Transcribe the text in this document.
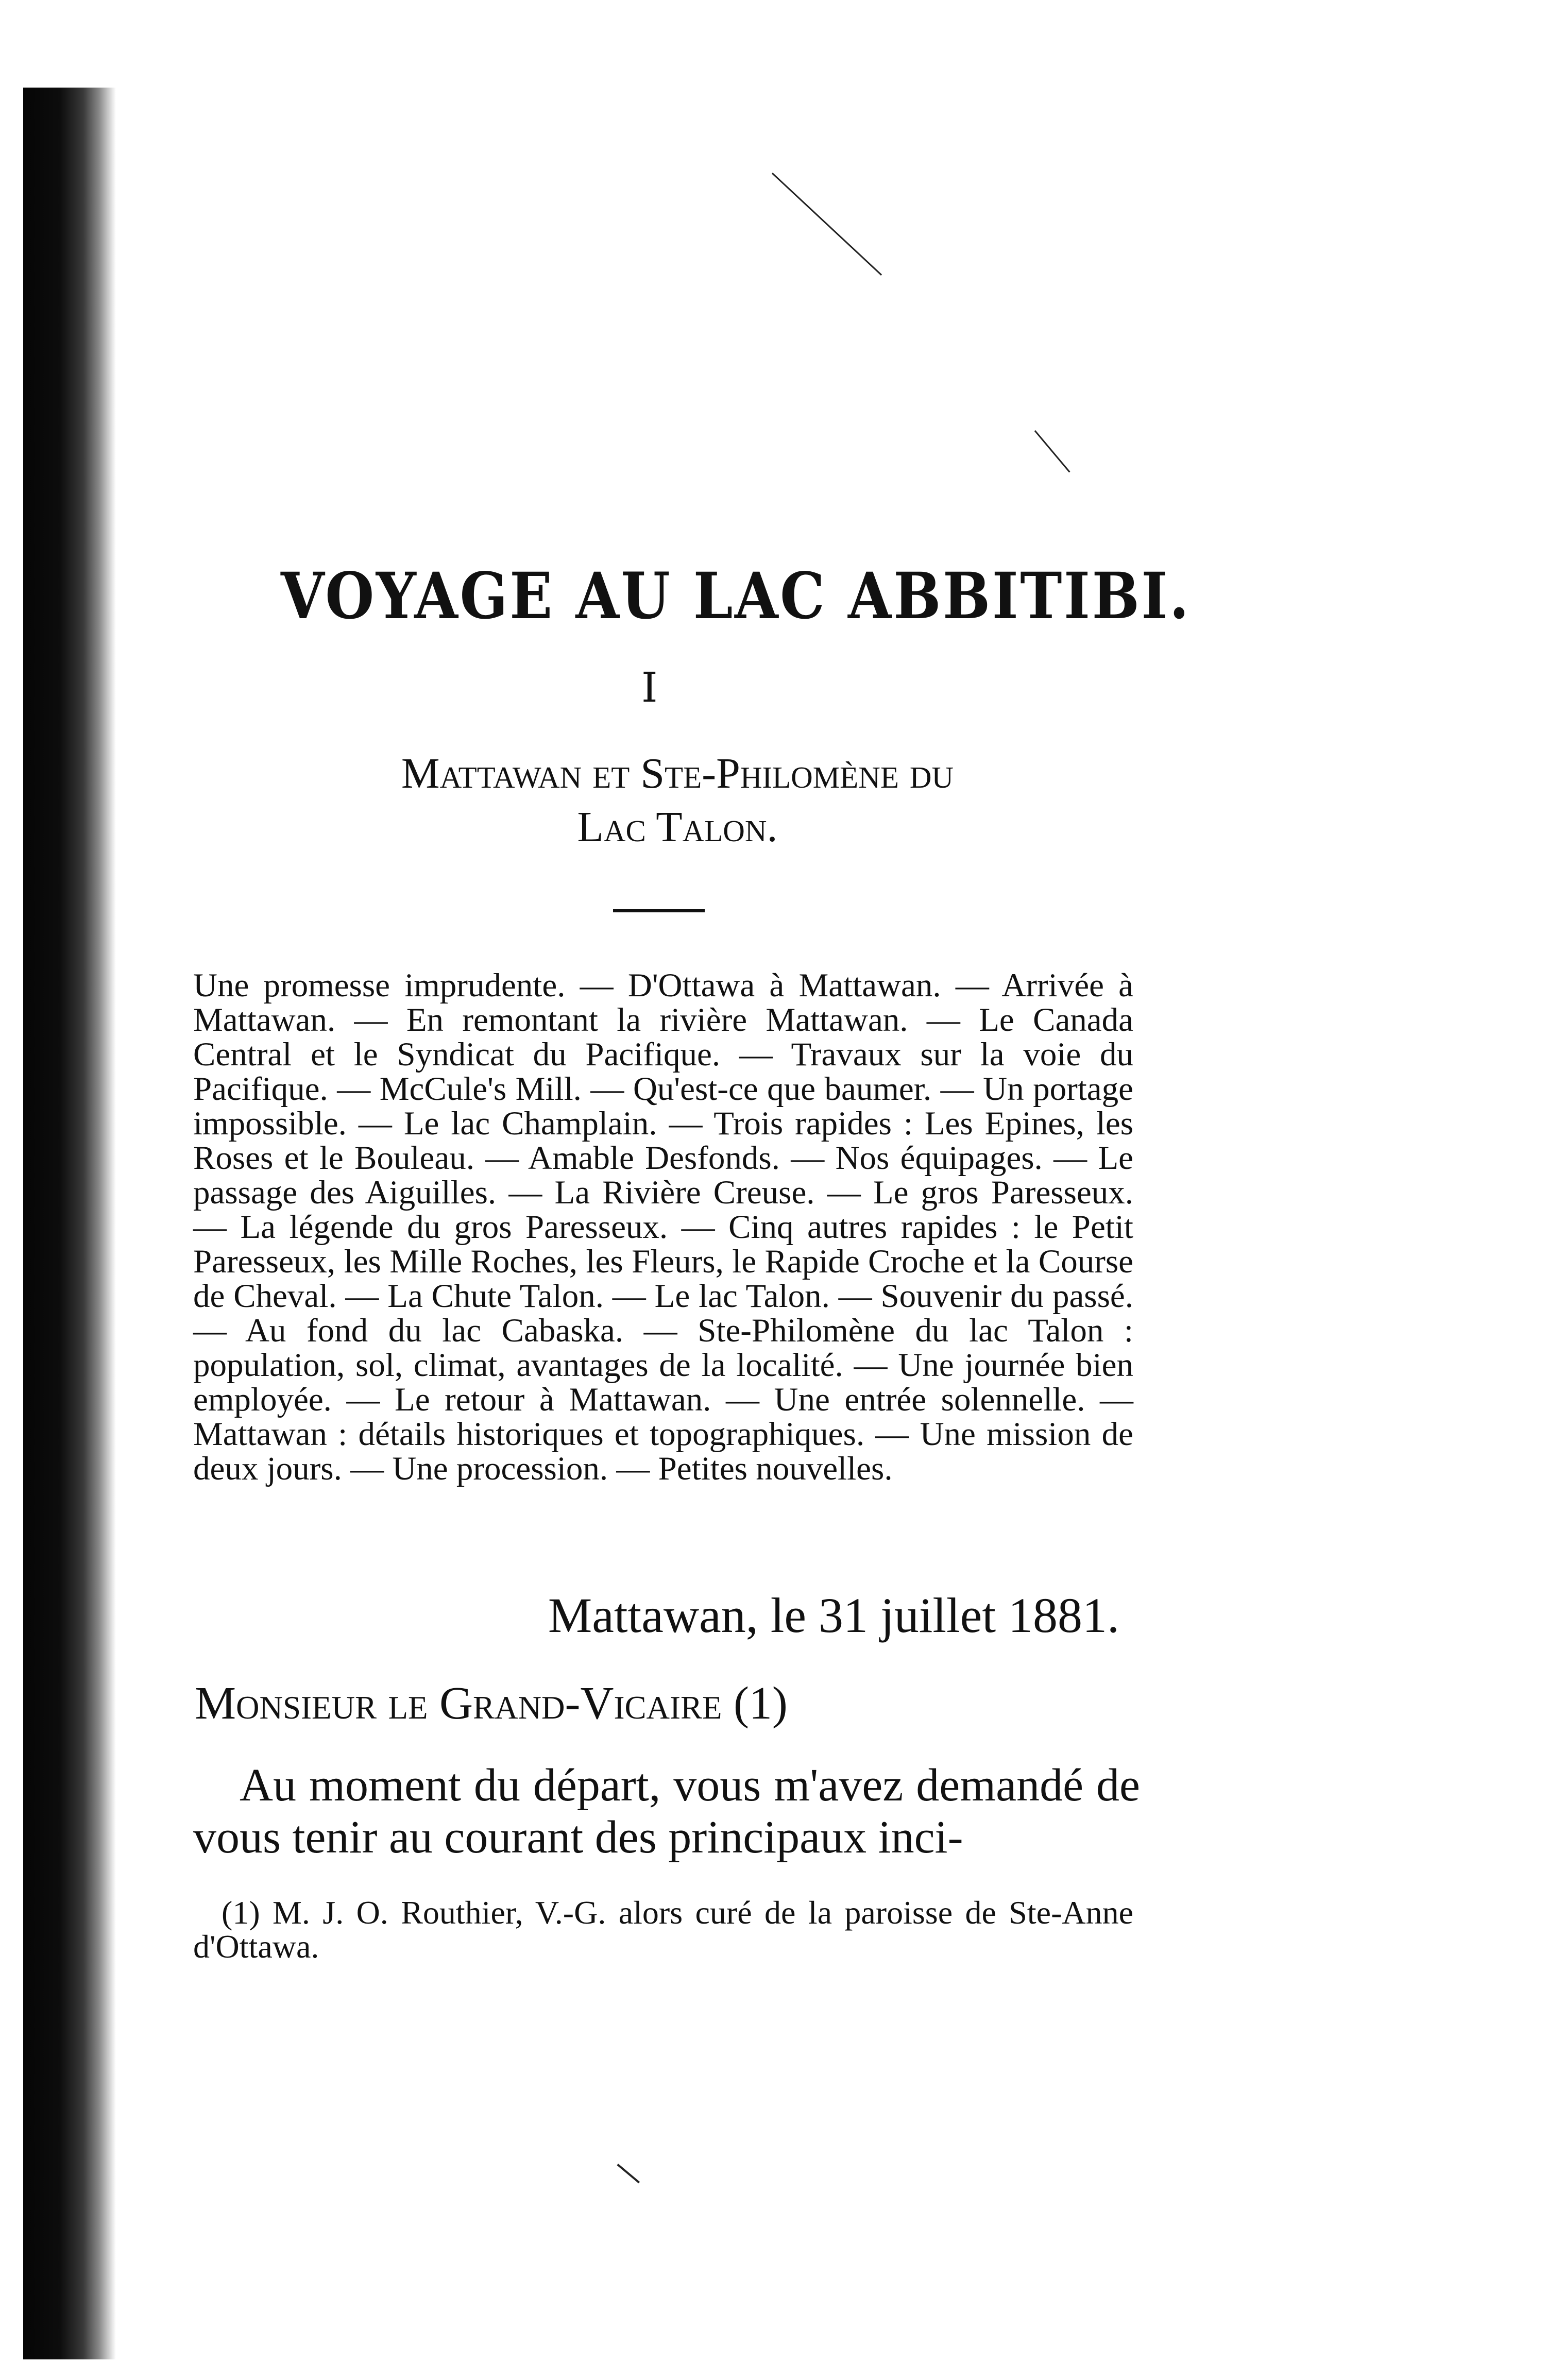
VOYAGE AU LAC ABBITIBI.
I
Mattawan et Ste-Philomène du
Lac Talon.

Une promesse imprudente. — D'Ottawa à Mattawan. — Arrivée à Mattawan. — En remontant la rivière Mattawan. — Le Canada Central et le Syndicat du Pacifique. — Travaux sur la voie du Pacifique. — McCule's Mill. — Qu'est-ce que baumer. — Un portage impossible. — Le lac Champlain. — Trois rapides : Les Epines, les Roses et le Bouleau. — Amable Desfonds. — Nos équipages. — Le passage des Aiguilles. — La Rivière Creuse. — Le gros Paresseux. — La légende du gros Paresseux. — Cinq autres rapides : le Petit Paresseux, les Mille Roches, les Fleurs, le Rapide Croche et la Course de Cheval. — La Chute Talon. — Le lac Talon. — Souvenir du passé. — Au fond du lac Cabaska. — Ste-Philomène du lac Talon : population, sol, climat, avantages de la localité. — Une journée bien employée. — Le retour à Mattawan. — Une entrée solennelle. — Mattawan : détails historiques et topographiques. — Une mission de deux jours. — Une procession. — Petites nouvelles.

Mattawan, le 31 juillet 1881.
Monsieur le Grand-Vicaire (1)
Au moment du départ, vous m'avez demandé de vous tenir au courant des principaux inci-
(1) M. J. O. Routhier, V.-G. alors curé de la paroisse de Ste-Anne d'Ottawa.
